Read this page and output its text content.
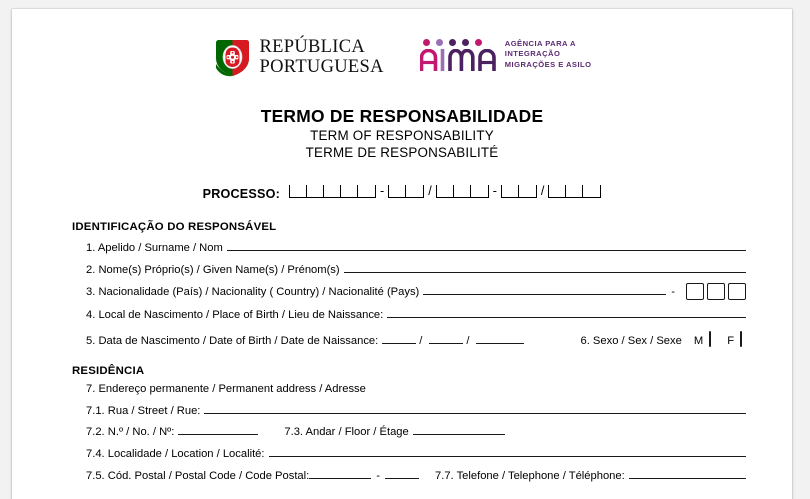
REPÚBLICA
PORTUGUESA
AGÊNCIA PARA A
INTEGRAÇÃO
MIGRAÇÕES E ASILO
TERMO DE RESPONSABILIDADE
TERM OF RESPONSABILITY
TERME DE RESPONSABILITÉ
PROCESSO:	-	/	-	/
IDENTIFICAÇÃO DO RESPONSÁVEL
1. Apelido / Surname / Nom
2. Nome(s) Próprio(s) / Given Name(s) / Prénom(s)
3. Nacionalidade (País) / Nacionality ( Country) / Nacionalité (Pays)	-
4. Local de Nascimento / Place of Birth / Lieu de Naissance:
5. Data de Nascimento / Date of Birth / Date de Naissance:	/	/	6. Sexo / Sex / Sexe M F
RESIDÊNCIA
7. Endereço permanente / Permanent address / Adresse
7.1. Rua / Street / Rue:
7.2. N.º / No. / Nº:	7.3. Andar / Floor / Étage
7.4. Localidade / Location / Localité:
7.5. Cód. Postal / Postal Code / Code Postal:	-	7.7. Telefone / Telephone / Téléphone:
